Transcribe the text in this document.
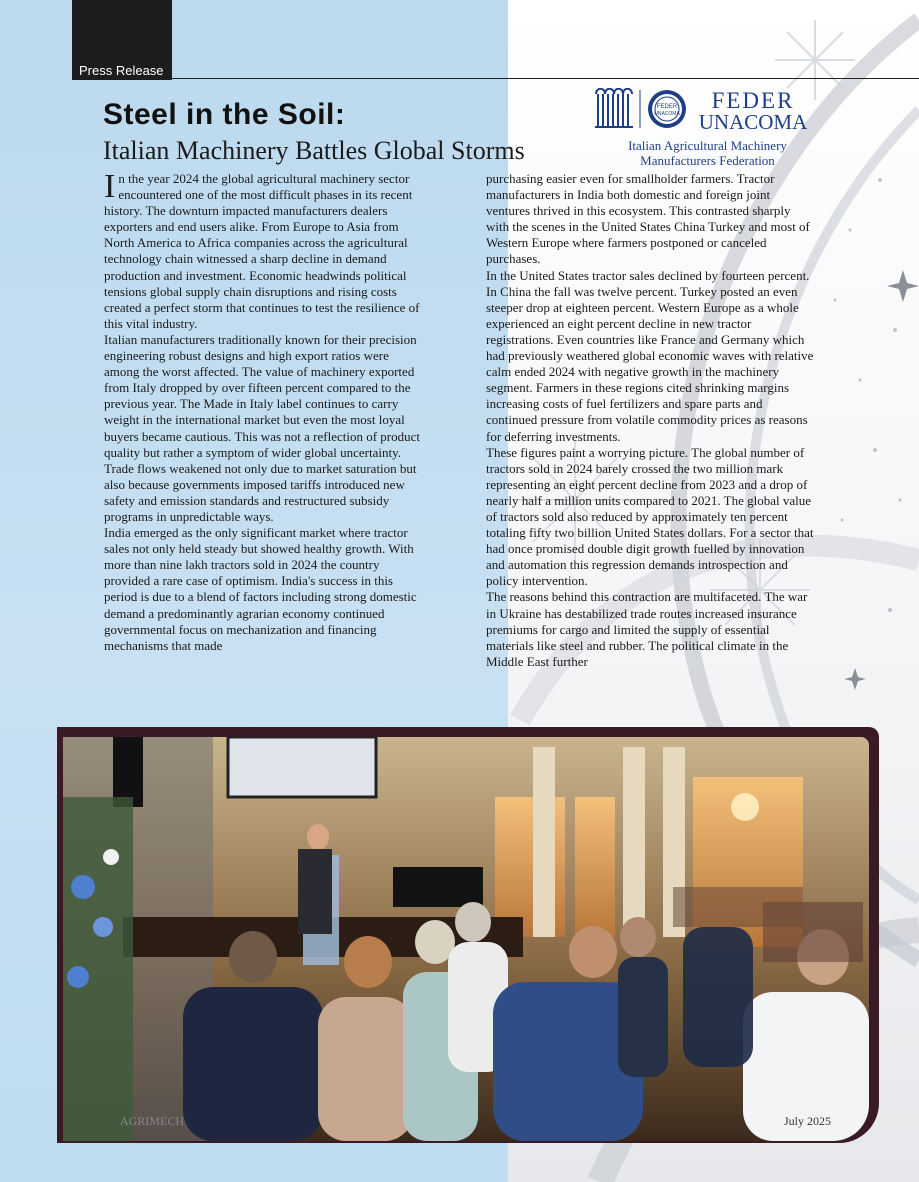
Press Release
Steel in the Soil:
Italian Machinery Battles Global Storms
FEDER
UNACOMA
FEDER
UNACOMA
Italian Agricultural Machinery
Manufacturers Federation
I n the year 2024 the global agricultural machinery sector encountered one of the most difficult phases in its recent history. The downturn impacted manufacturers dealers exporters and end users alike. From Europe to Asia from North America to Africa companies across the agricultural technology chain witnessed a sharp decline in demand production and investment. Economic headwinds political tensions global supply chain disruptions and rising costs created a perfect storm that continues to test the resilience of this vital industry.

Italian manufacturers traditionally known for their precision engineering robust designs and high export ratios were among the worst affected. The value of machinery exported from Italy dropped by over fifteen percent compared to the previous year. The Made in Italy label continues to carry weight in the international market but even the most loyal buyers became cautious. This was not a reflection of product quality but rather a symptom of wider global uncertainty. Trade flows weakened not only due to market saturation but also because governments imposed tariffs introduced new safety and emission standards and restructured subsidy programs in unpredictable ways.

India emerged as the only significant market where tractor sales not only held steady but showed healthy growth. With more than nine lakh tractors sold in 2024 the country provided a rare case of optimism. India's success in this period is due to a blend of factors including strong domestic demand a predominantly agrarian economy continued governmental focus on mechanization and financing mechanisms that made

purchasing easier even for smallholder farmers. Tractor manufacturers in India both domestic and foreign joint ventures thrived in this ecosystem. This contrasted sharply with the scenes in the United States China Turkey and most of Western Europe where farmers postponed or canceled purchases.

In the United States tractor sales declined by fourteen percent. In China the fall was twelve percent. Turkey posted an even steeper drop at eighteen percent. Western Europe as a whole experienced an eight percent decline in new tractor registrations. Even countries like France and Germany which had previously weathered global economic waves with relative calm ended 2024 with negative growth in the machinery segment. Farmers in these regions cited shrinking margins increasing costs of fuel fertilizers and spare parts and continued pressure from volatile commodity prices as reasons for deferring investments.

These figures paint a worrying picture. The global number of tractors sold in 2024 barely crossed the two million mark representing an eight percent decline from 2023 and a drop of nearly half a million units compared to 2021. The global value of tractors sold also reduced by approximately ten percent totaling fifty two billion United States dollars. For a sector that had once promised double digit growth fuelled by innovation and automation this regression demands introspection and policy intervention.

The reasons behind this contraction are multifaceted. The war in Ukraine has destabilized trade routes increased insurance premiums for cargo and limited the supply of essential materials like steel and rubber. The political climate in the Middle East further

AGRIMECH	July 2025
